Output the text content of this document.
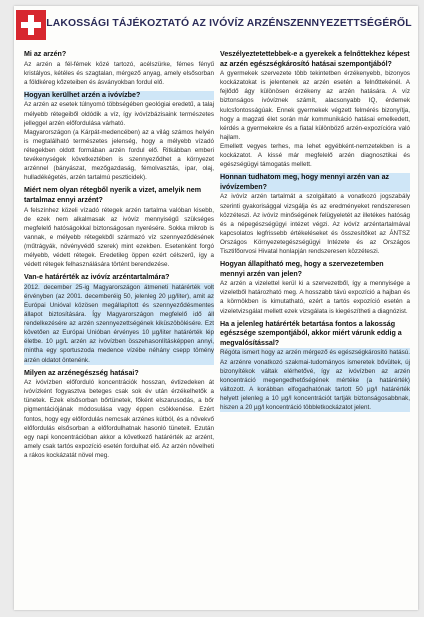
LAKOSSÁGI TÁJÉKOZTATÓ AZ IVÓVÍZ ARZÉNSZENNYEZETTSÉGÉRŐL

Mi az arzén?

Az arzén a fél-fémek közé tartozó, acélszürke, fémes fényű kristályos, kétéles és szagtalan, mérgező anyag, amely elsősorban a földkéreg kőzeteiben és ásványokban fordul elő.

Hogyan kerülhet arzén a ivóvízbe?

Az arzén az esetek túlnyomó többségében geológiai eredetű, a talaj mélyebb rétegeiből oldódik a víz, így ivóvízbázisaink természetes jelleggel arzén előfordulása várható.

Magyarországon (a Kárpát-medencében) az a világ számos helyén is megtalálható természetes jelenség, hogy a mélyebb vízadó rétegekben oldott formában arzén fordul elő. Ritkábban emberi tevékenységek következtében is szennyeződhet a környezet arzénnel (bányászat, mezőgazdaság, fémolvasztás, ipar, olaj, hulladékégetés, arzén tartalmú peszticidek).

Miért nem olyan rétegből nyerik a vizet, amelyik nem tartalmaz ennyi arzént?

A felszínhez közeli vízadó rétegek arzén tartalma valóban kisebb, de ezek nem alkalmasak az ivóvíz mennyiségű szükséges megfelelő hatóságokkal biztonságosan nyerésére. Sokka mikrob is vannak, e mélyebb rétegekből származó víz szennyeződésének (műtrágyák, növényvédő szerek) mint ezekben. Esetenként forgó mélyebb, védett rétegek. Eredetileg öppen ezért célszerű, így a védett rétegek felhasználására történt berendezése.

Van-e határérték az ivóvíz arzéntartalmára?

2012. december 25-ig Magyarországon átmeneti határérték volt érvényben (az 2001. decemberéig 50, jelenleg 20 µg/liter), amit az Európai Unióval közösen megállapított és szennyeződésmentes állapot biztosítására. Így Magyarországon megfelelő idő áll rendelkezésére az arzén szennyezettségének kiküszöbölésére. Ezt követően az Európai Unióban érvényes 10 µg/liter határérték lép életbe. 10 µg/L arzén az ivóvízben összehasonlításképpen annyi, mintha egy sportuszoda medence vízébe néhány csepp tömény arzén oldatot öntenénk.

Milyen az arzénegészség hatásai?

Az ivóvízben előforduló koncentrációk hosszan, évtizedeken át ivóvízként fogyasztva beteges csak sok év után érzékelhetők a tünetek. Ezek elsősorban bőrtünetek, főként elszarusodás, a bőr pigmentációjának módosulása vagy éppen csökkenése. Ezért fontos, hogy egy előfordulás nemcsak arzénes kútból, és a növekvő előfordulás elsősorban a előfordulhatnak hasonló tüneteit. Ezután egy napi koncentrációban akkor a következő határérték az arzént, amely csak tartós expozíció esetén fordulhat elő. Az arzén növelheti a rákos kockázatát növel meg.

Veszélyeztetettebbek-e a gyerekek a felnőttekhez képest az arzén egészségkárosító hatásai szempontjából?

A gyermekek szervezete több tekintetben érzékenyebb, bizonyos kockázatokat is jelentenek az arzén esetén a felnőttekénél. A fejlődő ágy különösen érzékeny az arzén hatására. A víz biztonságos ivóvíznek számít, alacsonyabb IQ, érdemek kulcsfontosságúak. Ennek gyermekek végzett felmérés bizonyítja, hogy a magzati élet során már kommunikáció hatásai emelkedett, kérdés a gyermekekre és a fiatal különböző arzén-expozícióra való hajlam.

Emellett vegyes terhes, ma lehet egyébként-nemzetekben is a kockázatot. A kissé már megfelelő arzén diagnosztikai és egészségügyi támogatás mellett.

Honnan tudhatom meg, hogy mennyi arzén van az ivóvízemben?

Az ivóvíz arzén tartalmát a szolgáltató a vonatkozó jogszabály szerinti gyakorisággal vizsgálja és az eredményeket rendszeresen közzéteszi. Az ivóvíz minőségének felügyeletét az illetékes hatóság és a népegészségügyi intézet végzi. Az ivóvíz arzéntartalmával kapcsolatos legfrissebb értékeléseket és összesítőket az ÁNTSZ Országos Környezetegészségügyi Intézete és az Országos Tisztifőorvosi Hivatal honlapján rendszeresen közzéteszi.

Hogyan állapítható meg, hogy a szervezetemben mennyi arzén van jelen?

Az arzén a vizelettel kerül ki a szervezetből, így a mennyisége a vizeletből határozható meg. A hosszabb távú expozíció a hajban és a körmökben is kimutatható, ezért a tartós expozíció esetén a vizeletvizsgálat mellett ezek vizsgálata is kiegészítheti a diagnózist.

Ha a jelenleg határérték betartása fontos a lakosság egészsége szempontjából, akkor miért várunk eddig a megvalósítással?

Régóta ismert hogy az arzén mérgező és egészségkárosító hatású. Az arzénre vonatkozó szakmai-tudományos ismeretek bővültek, új bizonyítékok váltak elérhetővé, így az ivóvízben az arzén koncentráció megengedhetőségének mértéke (a határérték) változott. A korábban elfogadhatónak tartott 50 µg/l határérték helyett jelenleg a 10 µg/l koncentrációt tartják biztonságosabbnak, hiszen a 20 µg/l koncentráció többletkockázatot jelent.
